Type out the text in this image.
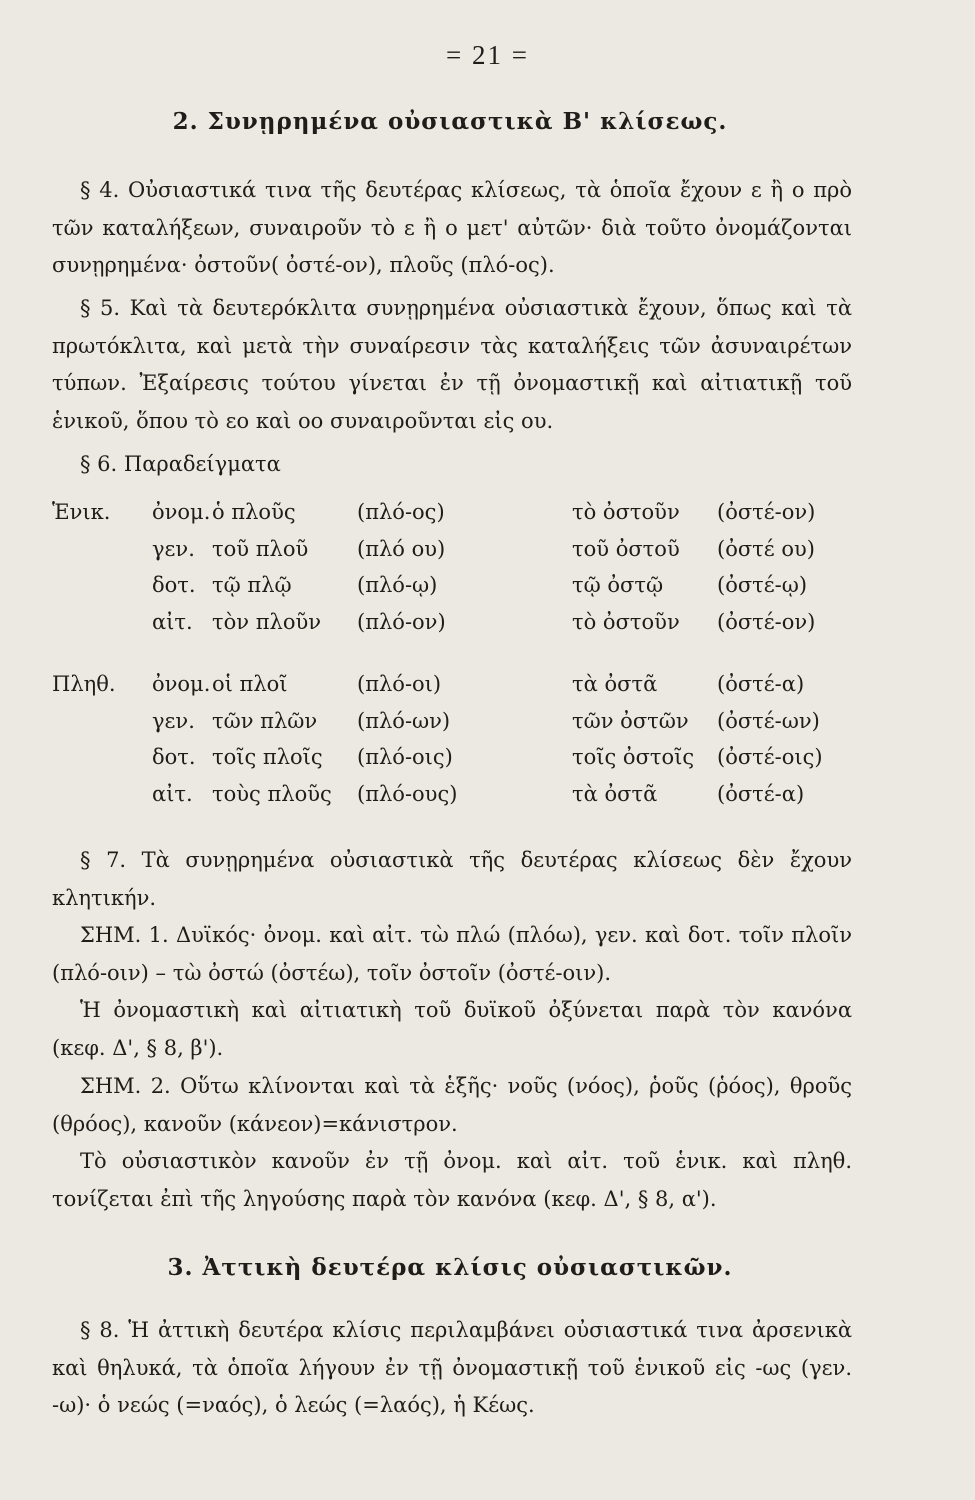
= 21 =
2. Συνῃρημένα οὐσιαστικὰ Β' κλίσεως.

§ 4. Οὐσιαστικά τινα τῆς δευτέρας κλίσεως, τὰ ὁποῖα ἔχουν ε ἢ ο πρὸ τῶν καταλήξεων, συναιροῦν τὸ ε ἢ ο μετ' αὐτῶν· διὰ τοῦτο ὀνομάζονται συνῃρημένα· ὀστοῦν( ὀστέ-ον), πλοῦς (πλό-ος).

§ 5. Καὶ τὰ δευτερόκλιτα συνῃρημένα οὐσιαστικὰ ἔχουν, ὅπως καὶ τὰ πρωτόκλιτα, καὶ μετὰ τὴν συναίρεσιν τὰς καταλήξεις τῶν ἀσυναιρέτων τύπων. Ἐξαίρεσις τούτου γίνεται ἐν τῇ ὀνομαστικῇ καὶ αἰτιατικῇ τοῦ ἑνικοῦ, ὅπου τὸ εο καὶ οο συναιροῦνται εἰς ου.

§ 6. Παραδείγματα

Ἑνικ. ὀνομ. ὁ πλοῦς	(πλό-ος)	τὸ ὀστοῦν (ὀστέ-ον)
γεν. τοῦ πλοῦ (πλό ου)	τοῦ ὀστοῦ (ὀστέ ου)
δοτ. τῷ πλῷ	(πλό-ῳ)	τῷ ὀστῷ	(ὀστέ-ῳ)
αἰτ. τὸν πλοῦν (πλό-ον)	τὸ ὀστοῦν (ὀστέ-ον)
Πληθ. ὀνομ. οἱ πλοῖ	(πλό-οι)	τὰ ὀστᾶ	(ὀστέ-α)
γεν. τῶν πλῶν (πλό-ων)	τῶν ὀστῶν (ὀστέ-ων)
δοτ. τοῖς πλοῖς (πλό-οις)	τοῖς ὀστοῖς (ὀστέ-οις)
αἰτ. τοὺς πλοῦς (πλό-ους)	τὰ ὀστᾶ	(ὀστέ-α)

§ 7. Τὰ συνῃρημένα οὐσιαστικὰ τῆς δευτέρας κλίσεως δὲν ἔχουν κλητικήν.

ΣΗΜ. 1. Δυϊκός· ὀνομ. καὶ αἰτ. τὼ πλώ (πλόω), γεν. καὶ δοτ. τοῖν πλοῖν (πλό-οιν) – τὼ ὀστώ (ὀστέω), τοῖν ὀστοῖν (ὀστέ-οιν).

Ἡ ὀνομαστικὴ καὶ αἰτιατικὴ τοῦ δυϊκοῦ ὀξύνεται παρὰ τὸν κανόνα (κεφ. Δ', § 8, β').

ΣΗΜ. 2. Οὕτω κλίνονται καὶ τὰ ἑξῆς· νοῦς (νόος), ῥοῦς (ῥόος), θροῦς (θρόος), κανοῦν (κάνεον)=κάνιστρον.

Τὸ οὐσιαστικὸν κανοῦν ἐν τῇ ὀνομ. καὶ αἰτ. τοῦ ἑνικ. καὶ πληθ. τονίζεται ἐπὶ τῆς ληγούσης παρὰ τὸν κανόνα (κεφ. Δ', § 8, α').

3. Ἀττικὴ δευτέρα κλίσις οὐσιαστικῶν.

§ 8. Ἡ ἀττικὴ δευτέρα κλίσις περιλαμβάνει οὐσιαστικά τινα ἀρσενικὰ καὶ θηλυκά, τὰ ὁποῖα λήγουν ἐν τῇ ὀνομαστικῇ τοῦ ἑνικοῦ εἰς -ως (γεν. -ω)· ὁ νεώς (=ναός), ὁ λεώς (=λαός), ἡ Κέως.
